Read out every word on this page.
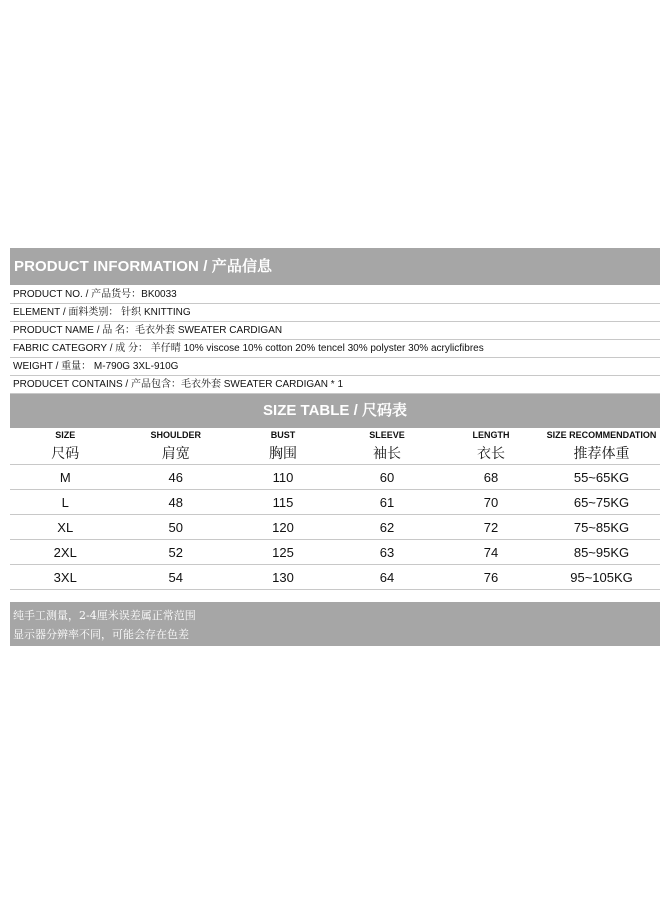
PRODUCT INFORMATION / 产品信息
PRODUCT NO. / 产品货号：BK0033
ELEMENT / 面料类别： 针织 KNITTING
PRODUCT NAME / 品 名：毛衣外套 SWEATER CARDIGAN
FABRIC CATEGORY / 成 分： 羊仔晴 10% viscose 10% cotton 20% tencel 30% polyster 30% acrylicfibres
WEIGHT / 重量： M-790G 3XL-910G
PRODUCET CONTAINS / 产品包含：毛衣外套 SWEATER CARDIGAN * 1
SIZE TABLE / 尺码表
SIZE	SHOULDER	BUST	SLEEVE	LENGTH	SIZE RECOMMENDATION
尺码	肩宽	胸围	袖长	衣长	推荐体重
M	46	110	60	68	55~65KG
L	48	115	61	70	65~75KG
XL	50	120	62	72	75~85KG
2XL	52	125	63	74	85~95KG
3XL	54	130	64	76	95~105KG
纯手工测量，2-4厘米误差属正常范围
显示器分辨率不同，可能会存在色差
